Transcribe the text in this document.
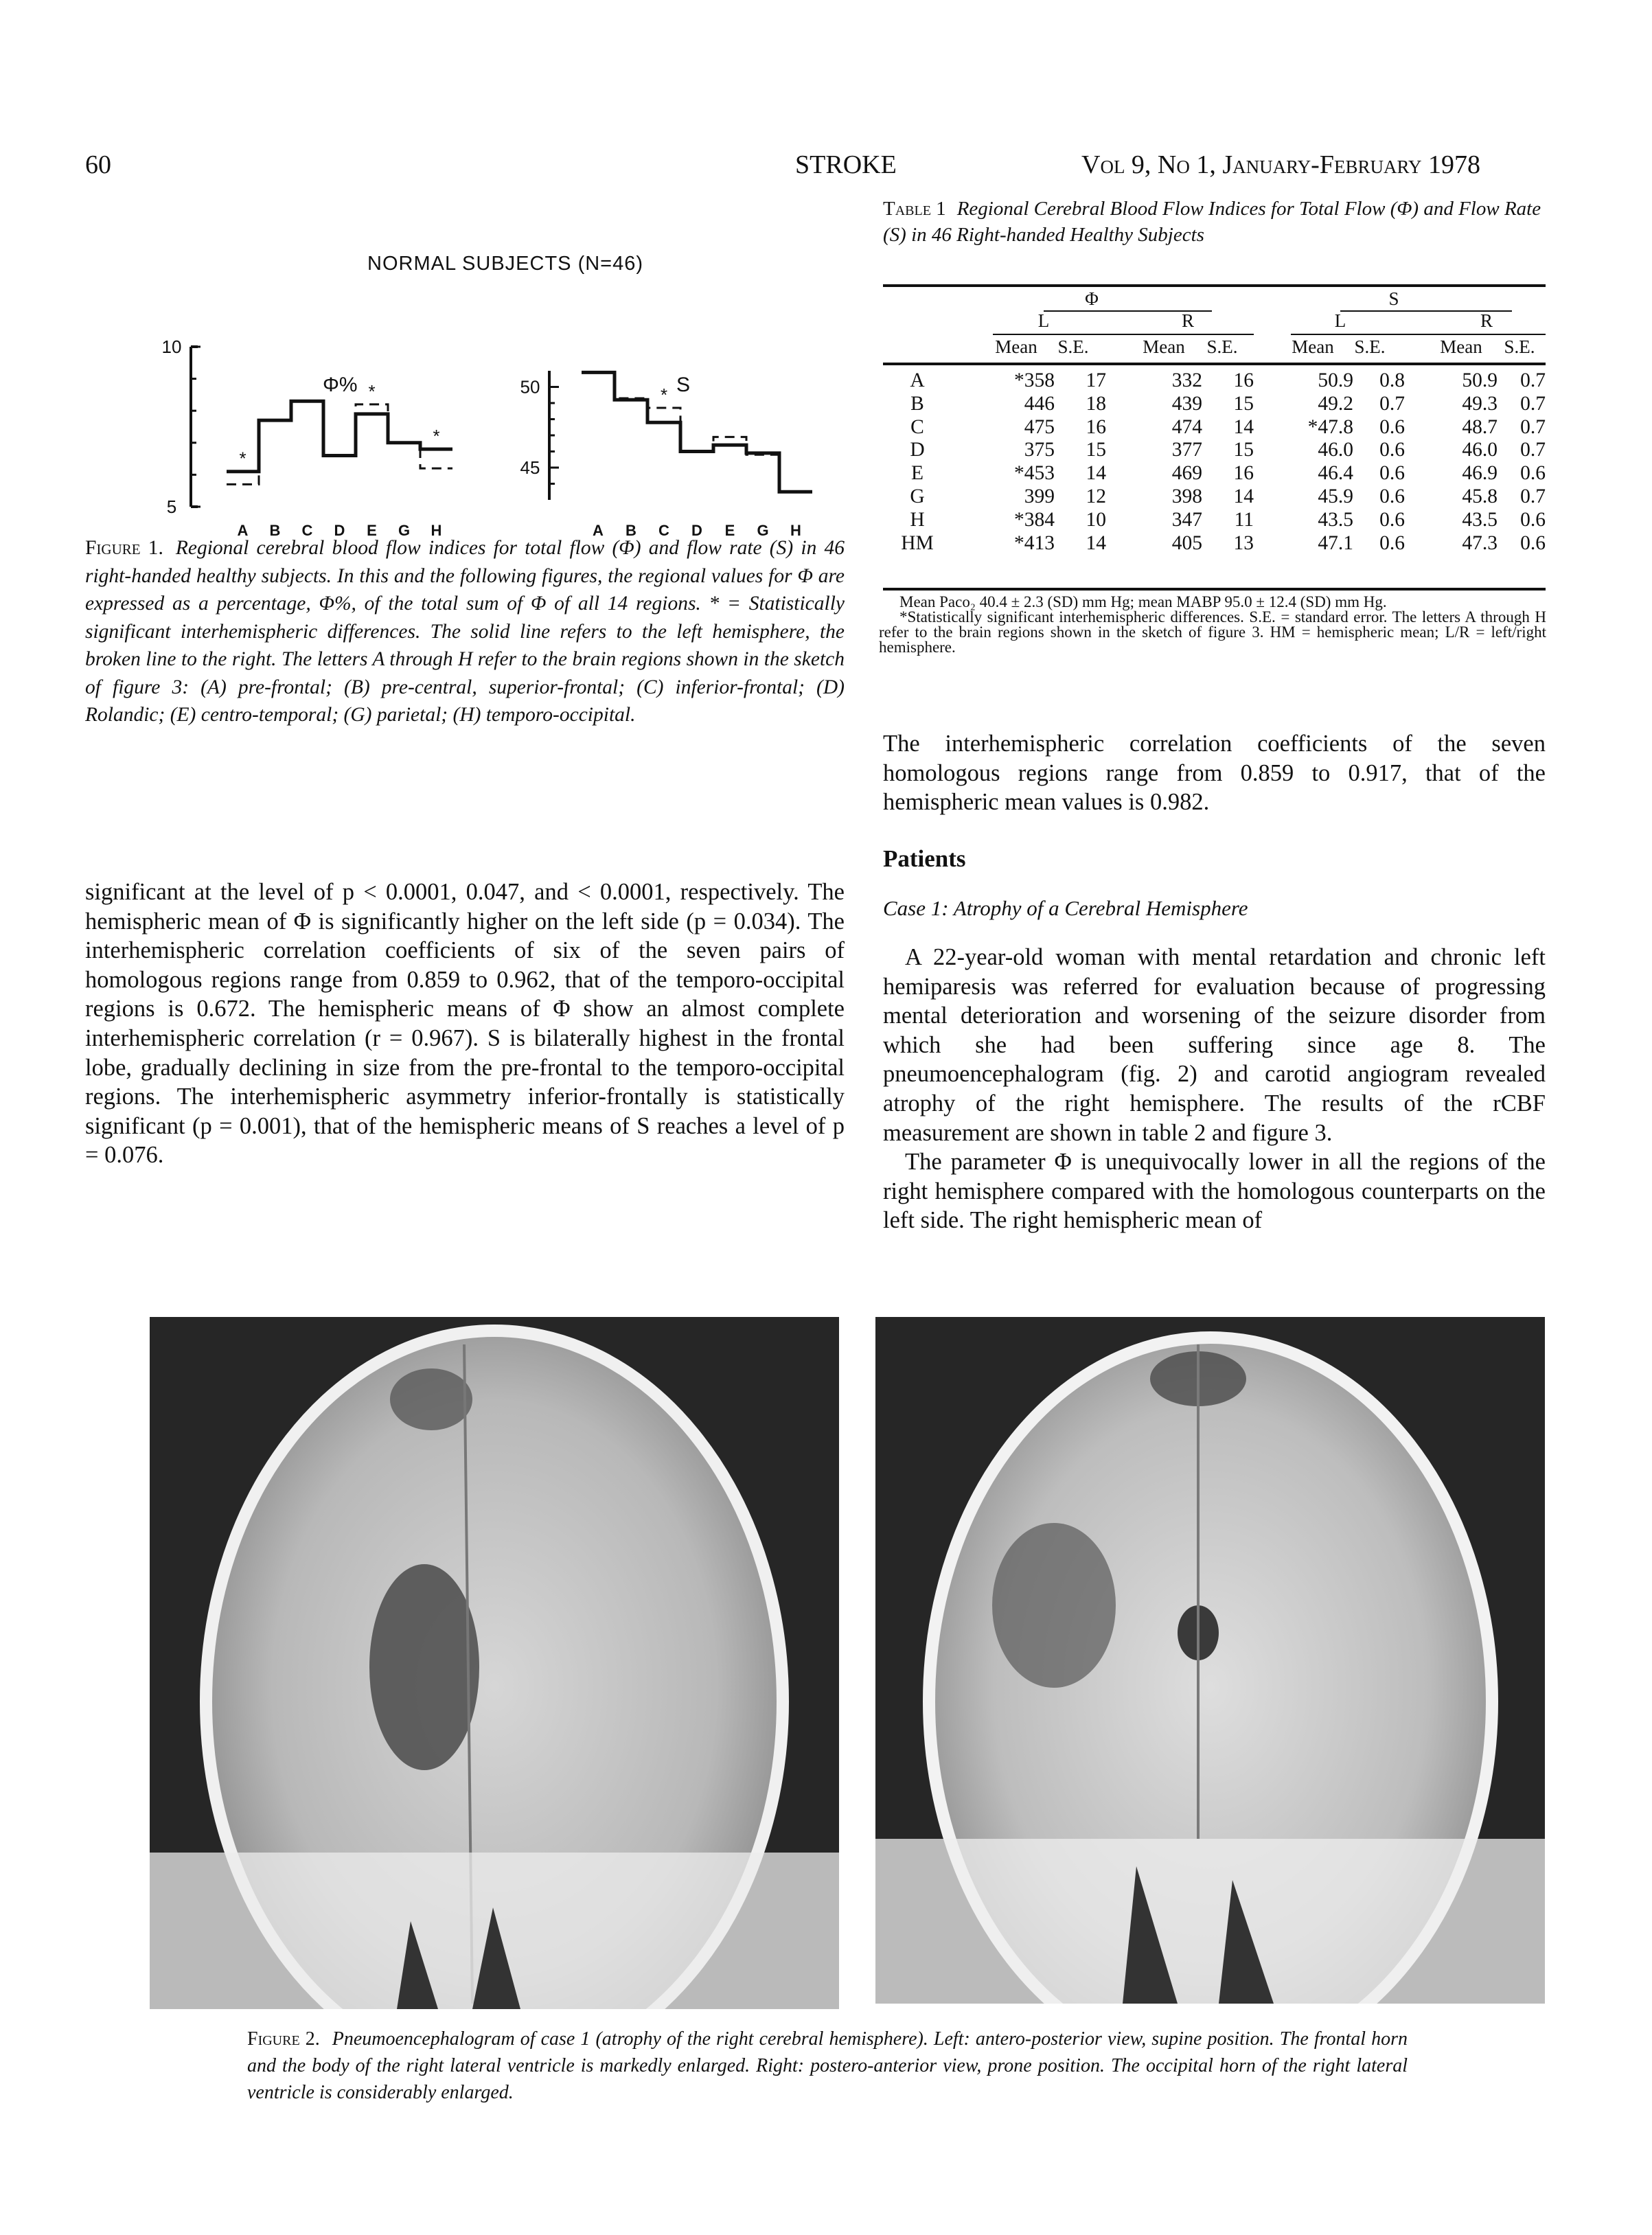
60	STROKE	Vol 9, No 1, January-February 1978
NORMAL SUBJECTS (N=46)
5
10
Φ%
*
*
*
A B C D E G H
45
50	S
*
A B C D E G H
Figure 1. Regional cerebral blood flow indices for total flow (Φ) and flow rate (S) in 46 right-handed healthy subjects. In this and the following figures, the regional values for Φ are expressed as a percentage, Φ%, of the total sum of Φ of all 14 regions. * = Statistically significant interhemispheric differences. The solid line refers to the left hemisphere, the broken line to the right. The letters A through H refer to the brain regions shown in the sketch of figure 3: (A) pre-frontal; (B) pre-central, superior-frontal; (C) inferior-frontal; (D) Rolandic; (E) centro-temporal; (G) parietal; (H) temporo-occipital.

significant at the level of p < 0.0001, 0.047, and < 0.0001, respectively. The hemispheric mean of Φ is significantly higher on the left side (p = 0.034). The interhemispheric correlation coefficients of six of the seven pairs of homologous regions range from 0.859 to 0.962, that of the temporo-occipital regions is 0.672. The hemispheric means of Φ show an almost complete interhemispheric correlation (r = 0.967). S is bilaterally highest in the frontal lobe, gradually declining in size from the pre-frontal to the temporo-occipital regions. The interhemispheric asymmetry inferior-frontally is statistically significant (p = 0.001), that of the hemispheric means of S reaches a level of p = 0.076.

Table 1 Regional Cerebral Blood Flow Indices for Total Flow (Φ) and Flow Rate (S) in 46 Right-handed Healthy Subjects
Φ	S
L	R	L	R
Mean	S.E.	Mean	S.E.	Mean	S.E.	Mean	S.E.
A	*358	17	332	16	50.9	0.8	50.9	0.7
B	446	18	439	15	49.2	0.7	49.3	0.7
C	475	16	474	14	*47.8	0.6	48.7	0.7
D	375	15	377	15	46.0	0.6	46.0	0.7
E	*453	14	469	16	46.4	0.6	46.9	0.6
G	399	12	398	14	45.9	0.6	45.8	0.7
H	*384	10	347	11	43.5	0.6	43.5	0.6
HM	*413	14	405	13	47.1	0.6	47.3	0.6

Mean Paco₂ 40.4 ± 2.3 (SD) mm Hg; mean MABP 95.0 ± 12.4 (SD) mm Hg.

*Statistically significant interhemispheric differences. S.E. = standard error. The letters A through H refer to the brain regions shown in the sketch of figure 3. HM = hemispheric mean; L/R = left/right hemisphere.

The interhemispheric correlation coefficients of the seven homologous regions range from 0.859 to 0.917, that of the hemispheric mean values is 0.982.

Patients
Case 1: Atrophy of a Cerebral Hemisphere

A 22-year-old woman with mental retardation and chronic left hemiparesis was referred for evaluation because of progressing mental deterioration and worsening of the seizure disorder from which she had been suffering since age 8. The pneumoencephalogram (fig. 2) and carotid angiogram revealed atrophy of the right hemisphere. The results of the rCBF measurement are shown in table 2 and figure 3.

The parameter Φ is unequivocally lower in all the regions of the right hemisphere compared with the homologous counterparts on the left side. The right hemispheric mean of

Figure 2. Pneumoencephalogram of case 1 (atrophy of the right cerebral hemisphere). Left: antero-posterior view, supine position. The frontal horn and the body of the right lateral ventricle is markedly enlarged. Right: postero-anterior view, prone position. The occipital horn of the right lateral ventricle is considerably enlarged.
